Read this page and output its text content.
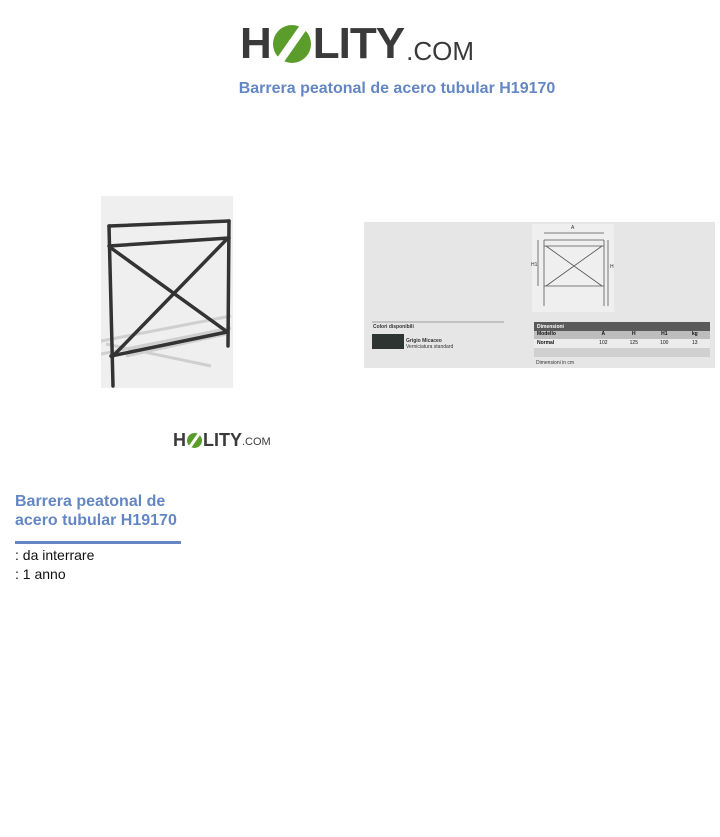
H LITY .COM
Barrera peatonal de acero tubular H19170
A
H1	H
Colori disponibili
Grigio Micaceo
Verniciatura standard
Dimensioni
Modello	A	H	H1	kg
Normal	102	125	100	13
Dimensioni in cm
H LITY .COM
Barrera peatonal de acero tubular H19170
: da interrare
: 1 anno
